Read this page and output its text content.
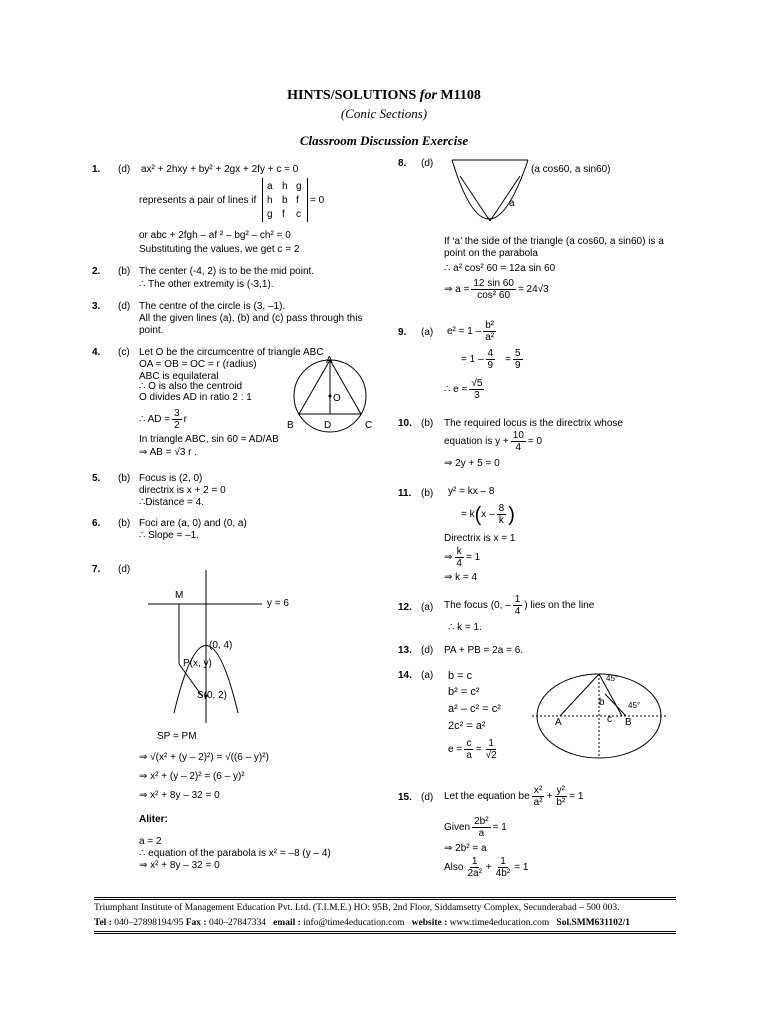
HINTS/SOLUTIONS for M1108
(Conic Sections)
Classroom Discussion Exercise
1. (d) ax² + 2hxy + by² + 2gx + 2fy + c = 0
represents a pair of lines if
a h g
h b f
g f c
= 0
or abc + 2fgh – af ² – bg² – ch² = 0
Substituting the values, we get c = 2
2. (b) The center (-4, 2) is to be the mid point.
∴ The other extremity is (-3,1).
3. (d) The centre of the circle is (3, –1).
All the given lines (a), (b) and (c) pass through this
point.
4. (c) Let O be the circumcentre of triangle ABC
OA = OB = OC = r (radius)
ABC is equilateral
∴ O is also the centroid
O divides AD in ratio 2 : 1
∴ AD = $\frac{3}{2}$ r
In triangle ABC, sin 60 = AD/AB
⇒ AB = √3 r .
A
B	C
D
O
5. (b) Focus is (2, 0)
directrix is x + 2 = 0
∴Distance = 4.
6. (b) Foci are (a, 0) and (0, a)
∴ Slope = –1.
7. (d)
M
y = 6
(0, 4)
P(x, y)
S(0, 2)
SP = PM
⇒ √(x² + (y – 2)²) = √((6 – y)²)
⇒ x² + (y – 2)² = (6 – y)²
⇒ x² + 8y – 32 = 0
Aliter:
a = 2
∴ equation of the parabola is x² = –8 (y – 4)
⇒ x² + 8y – 32 = 0
8. (d)
(a cos60, a sin60)
a
If ‘a’ the side of the triangle (a cos60, a sin60) is a
point on the parabola
∴ a² cos² 60 = 12a sin 60
⇒ $a = \frac{12 \sin 60}{\text{cos² 60}} = 24√3$
9. (a) $e^2 = 1 - \frac{\text{b²}}{\text{a²}}$
= $1 - \frac{4}{9} = \frac{5}{9}$
∴ $e = \frac{√5}{3}$
10. (b) The required locus is the directrix whose
equation is $y + \frac{10}{4} = 0$
⇒ 2y + 5 = 0
11. (b) y² = kx – 8
= k ( x – $\frac{8}{k}$ )
Directrix is x = 1
⇒ $\frac{k}{4} = 1$
⇒ k = 4
12. (a) The focus (0, – $\frac{1}{4}$ ) lies on the line
∴ k = 1.
13. (d) PA + PB = 2a = 6.
14. (a) b = c
b² = c²
a² – c² = c²
2c² = a²
$e = \frac{c}{a} = \frac{1}{√2}$
45°
45°
A	B
b
c
15. (d) Let the equation be $\frac{\text{x²}}{\text{a²}} + \frac{\text{y²}}{\text{b²}} = 1$
Given $\frac{\text{2b²}}{a} = 1$
⇒ 2b² = a
Also $\frac{1}{\text{2a²}} + \frac{1}{\text{4b²}} = 1$
Triumphant Institute of Management Education Pvt. Ltd. (T.I.M.E.) HO: 95B, 2nd Floor, Siddamsetty Complex, Secunderabad – 500 003.
Tel : 040–27898194/95 Fax : 040–27847334 email : info@time4education.com website : www.time4education.com Sol.SMM631102/1
